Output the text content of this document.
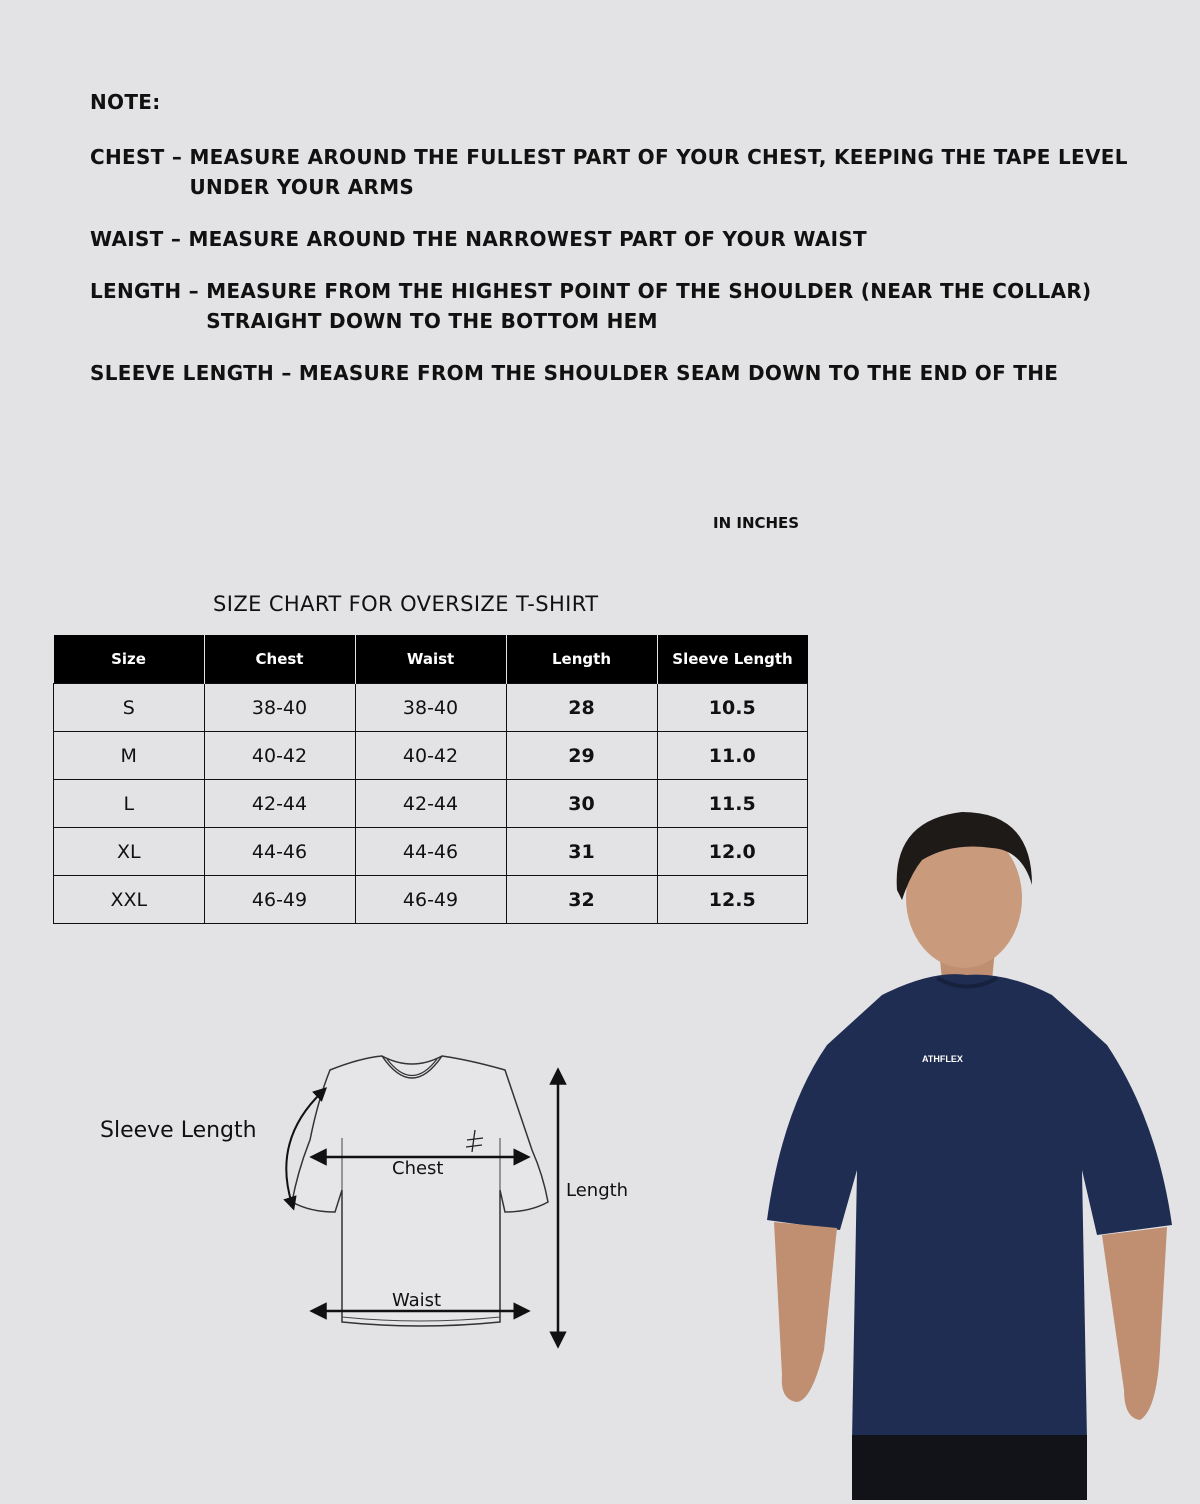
NOTE:
CHEST – MEASURE AROUND THE FULLEST PART OF YOUR CHEST, KEEPING THE TAPE LEVEL UNDER YOUR ARMS
WAIST – MEASURE AROUND THE NARROWEST PART OF YOUR WAIST
LENGTH – MEASURE FROM THE HIGHEST POINT OF THE SHOULDER (NEAR THE COLLAR) STRAIGHT DOWN TO THE BOTTOM HEM
SLEEVE LENGTH – MEASURE FROM THE SHOULDER SEAM DOWN TO THE END OF THE
IN INCHES
SIZE CHART FOR OVERSIZE T-SHIRT
Size	Chest	Waist	Length	Sleeve Length
S	38-40	38-40	28	10.5
M	40-42	40-42	29	11.0
L	42-44	42-44	30	11.5
XL	44-46	44-46	31	12.0
XXL	46-49	46-49	32	12.5
Sleeve Length
Chest
Waist
Length
ATHFLEX
